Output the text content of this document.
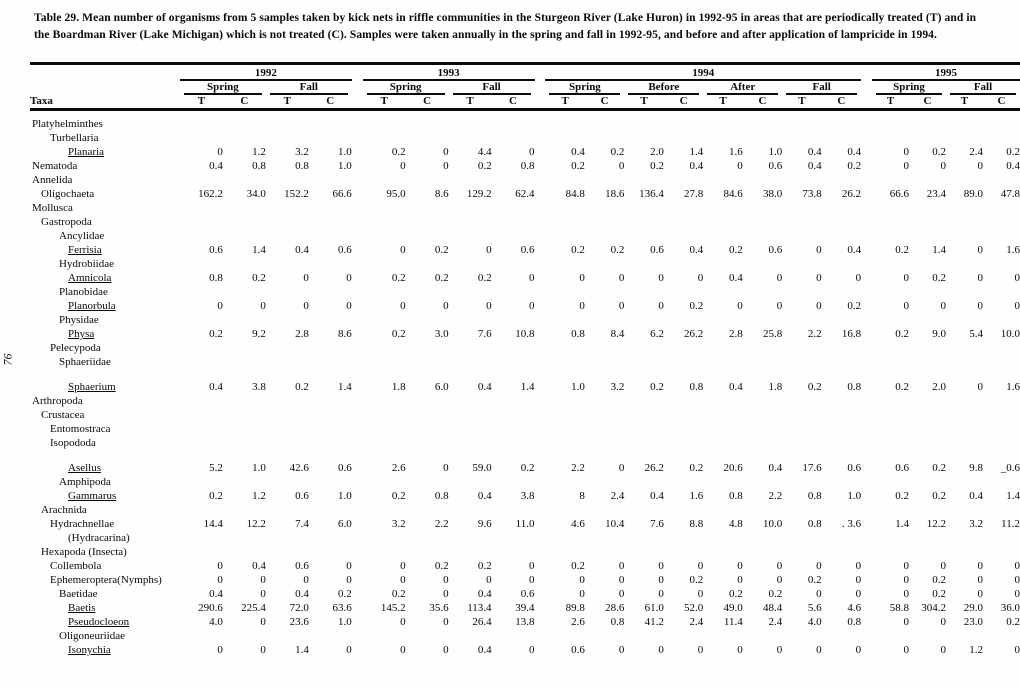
Table 29. Mean number of organisms from 5 samples taken by kick nets in riffle communities in the Sturgeon River (Lake Huron) in 1992-95 in areas that are periodically treated (T) and in the Boardman River (Lake Michigan) which is not treated (C). Samples were taken annually in the spring and fall in 1992-95, and before and after application of lampricide in 1994.
76
	1992					1993					1994									1995			

	Spring		Fall			Spring		Fall			Spring		Before		After		Fall			Spring		Fall	

Taxa	T	C	T	C		T	C	T	C		T	C	T	C	T	C	T	C		T	C	T	C
Platyhelminthes																							
Turbellaria																							
Planaria	0	1.2	3.2	1.0		0.2	0	4.4	0		0.4	0.2	2.0	1.4	1.6	1.0	0.4	0.4		0	0.2	2.4	0.2
Nematoda	0.4	0.8	0.8	1.0		0	0	0.2	0.8		0.2	0	0.2	0.4	0	0.6	0.4	0.2		0	0	0	0.4
Annelida																							
Oligochaeta	162.2	34.0	152.2	66.6		95.0	8.6	129.2	62.4		84.8	18.6	136.4	27.8	84.6	38.0	73.8	26.2		66.6	23.4	89.0	47.8
Mollusca																							
Gastropoda																							
Ancylidae																							
Ferrisia	0.6	1.4	0.4	0.6		0	0.2	0	0.6		0.2	0.2	0.6	0.4	0.2	0.6	0	0.4		0.2	1.4	0	1.6
Hydrobiidae																							
Amnicola	0.8	0.2	0	0		0.2	0.2	0.2	0		0	0	0	0	0.4	0	0	0		0	0.2	0	0
Planobidae																							
Planorbula	0	0	0	0		0	0	0	0		0	0	0	0.2	0	0	0	0.2		0	0	0	0
Physidae																							
Physa	0.2	9.2	2.8	8.6		0.2	3.0	7.6	10.8		0.8	8.4	6.2	26.2	2.8	25.8	2.2	16.8		0.2	9.0	5.4	10.0
Pelecypoda																							
Sphaeriidae																							
Sphaerium	0.4	3.8	0.2	1.4		1.8	6.0	0.4	1.4		1.0	3.2	0.2	0.8	0.4	1.8	0.2	0.8		0.2	2.0	0	1.6
Arthropoda																							
Crustacea																							
Entomostraca																							
Isopododa																							
Asellus	5.2	1.0	42.6	0.6		2.6	0	59.0	0.2		2.2	0	26.2	0.2	20.6	0.4	17.6	0.6		0.6	0.2	9.8	_0.6
Amphipoda																							
Gammarus	0.2	1.2	0.6	1.0		0.2	0.8	0.4	3.8		8	2.4	0.4	1.6	0.8	2.2	0.8	1.0		0.2	0.2	0.4	1.4
Arachnida																							
Hydrachnellae	14.4	12.2	7.4	6.0		3.2	2.2	9.6	11.0		4.6	10.4	7.6	8.8	4.8	10.0	0.8	. 3.6		1.4	12.2	3.2	11.2
(Hydracarina)																							
Hexapoda (Insecta)																							
Collembola	0	0.4	0.6	0		0	0.2	0.2	0		0.2	0	0	0	0	0	0	0		0	0	0	0
Ephemeroptera(Nymphs)	0	0	0	0		0	0	0	0		0	0	0	0.2	0	0	0.2	0		0	0.2	0	0
Baetidae	0.4	0	0.4	0.2		0.2	0	0.4	0.6		0	0	0	0	0.2	0.2	0	0		0	0.2	0	0
Baetis	290.6	225.4	72.0	63.6		145.2	35.6	113.4	39.4		89.8	28.6	61.0	52.0	49.0	48.4	5.6	4.6		58.8	304.2	29.0	36.0
Pseudocloeon	4.0	0	23.6	1.0		0	0	26.4	13.8		2.6	0.8	41.2	2.4	11.4	2.4	4.0	0.8		0	0	23.0	0.2
Oligoneuriidae																							
Isonychia	0	0	1.4	0		0	0	0.4	0		0.6	0	0	0	0	0	0	0		0	0	1.2	0
